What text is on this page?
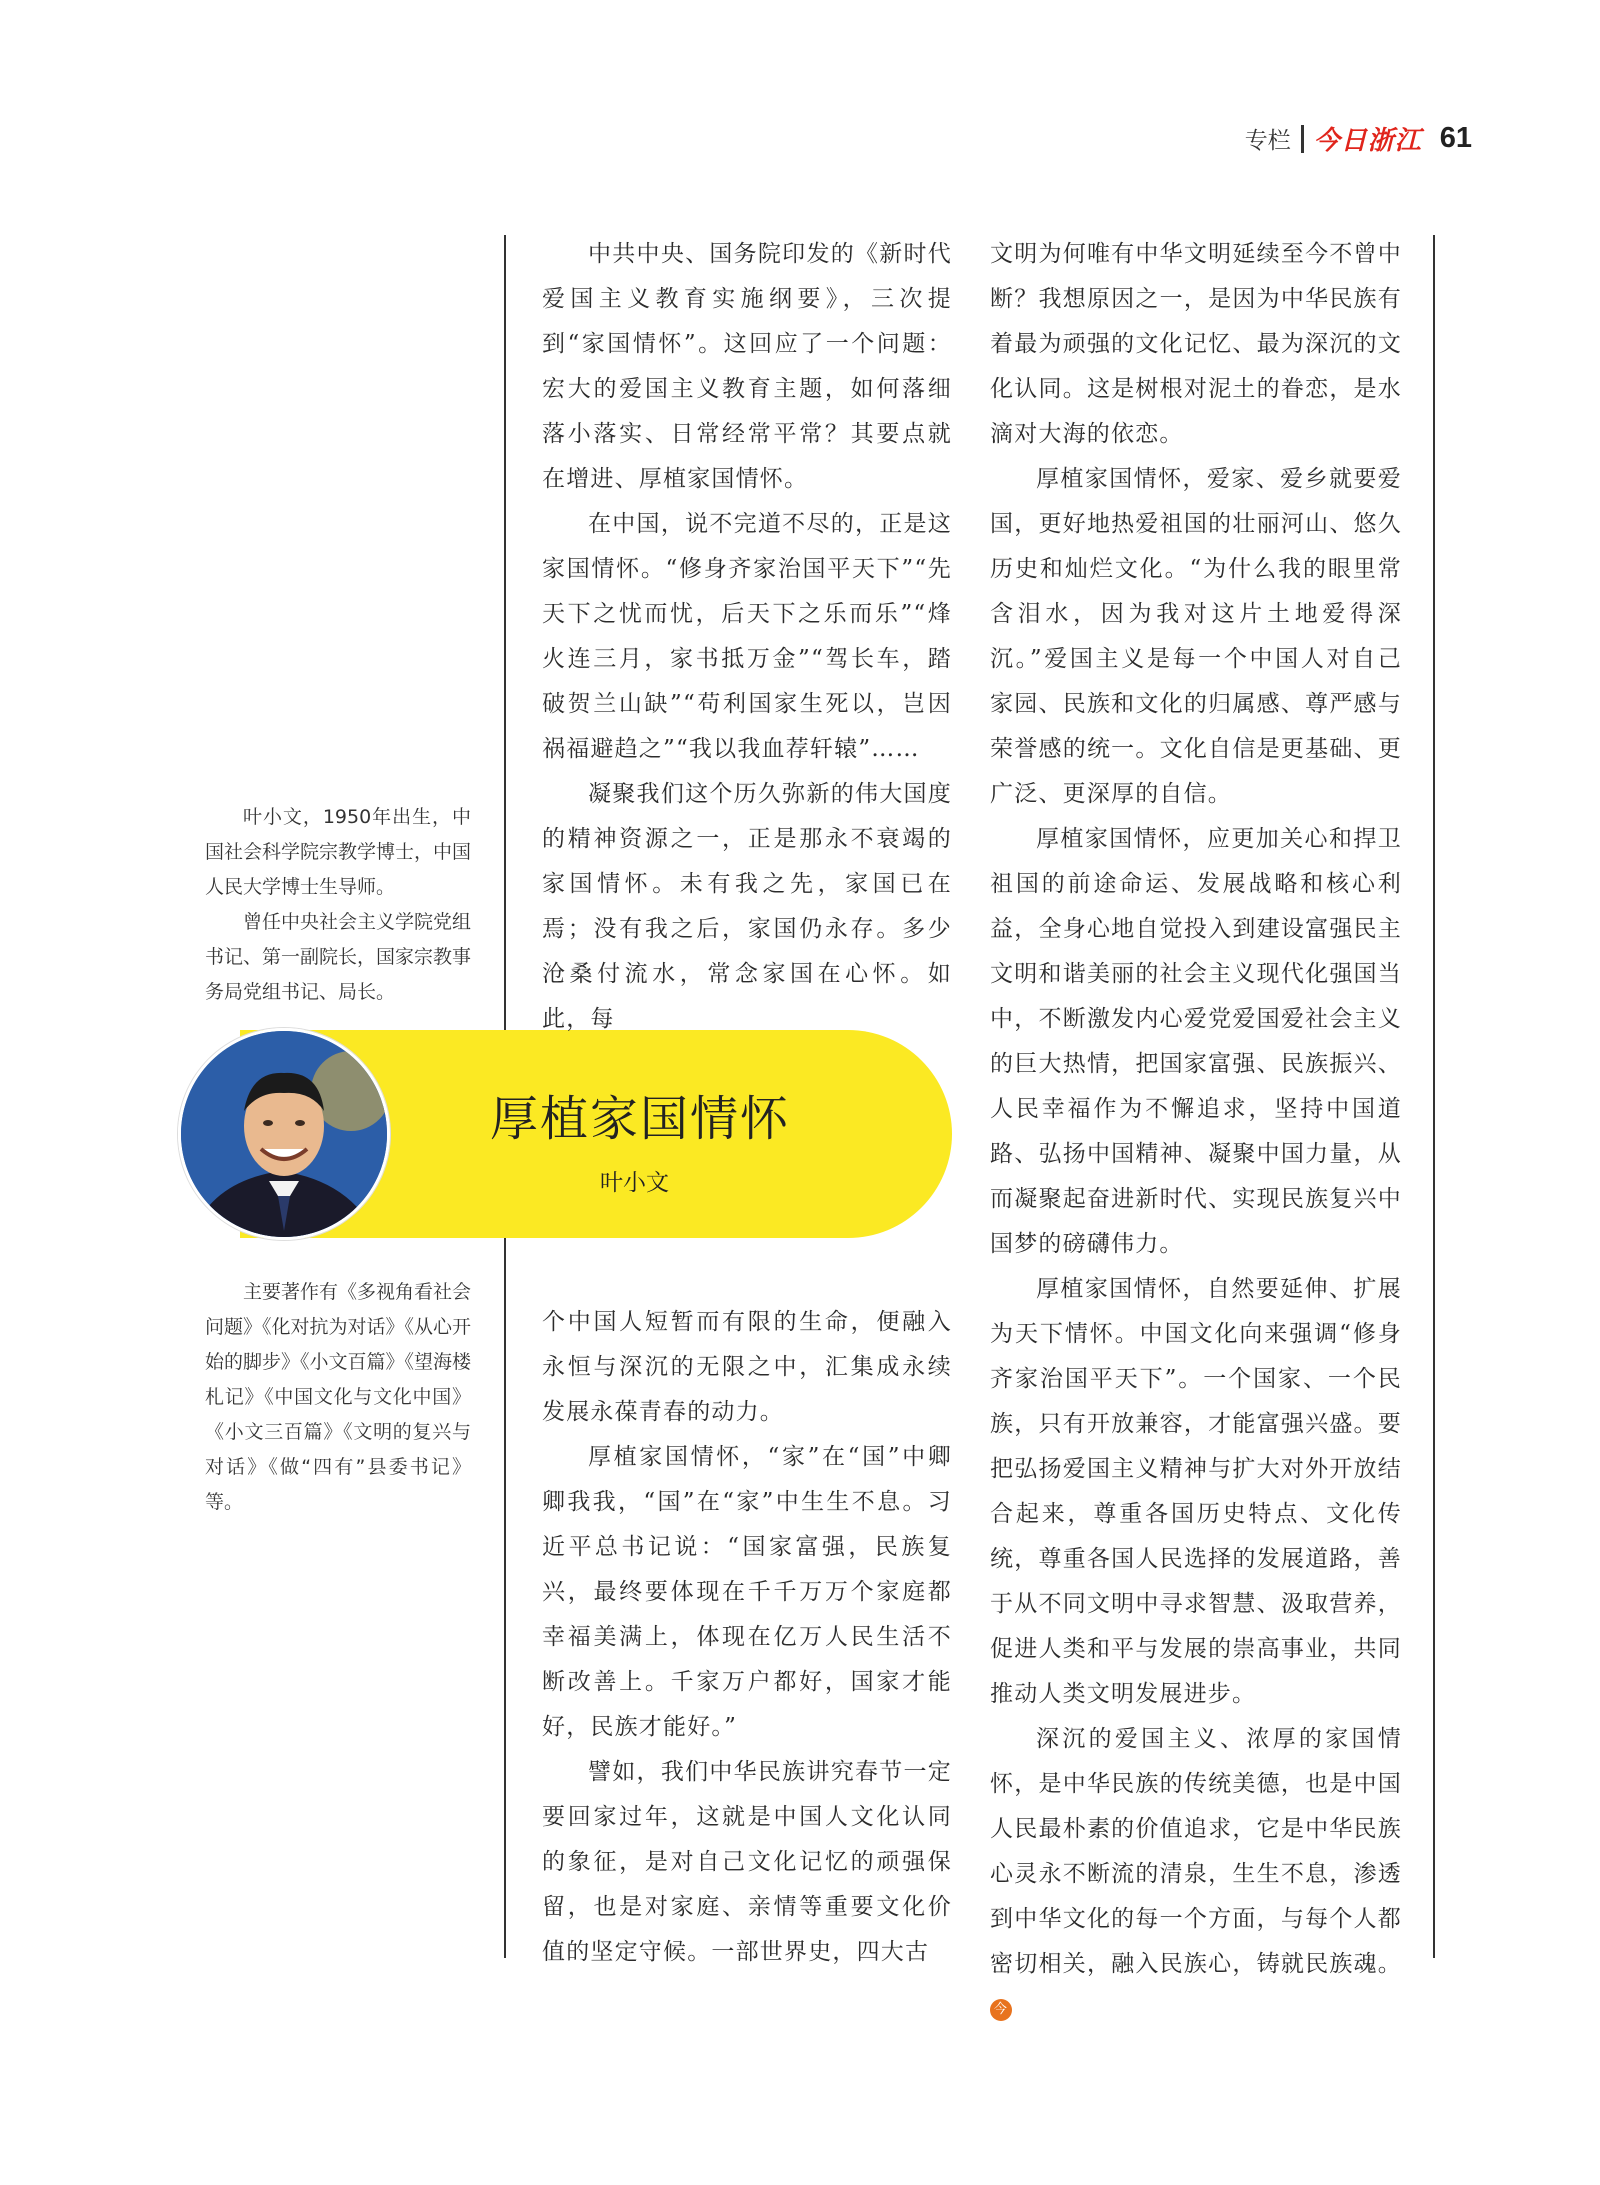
专栏 今日浙江 61

叶小文，1950年出生，中国社会科学院宗教学博士，中国人民大学博士生导师。

曾任中央社会主义学院党组书记、第一副院长，国家宗教事务局党组书记、局长。

主要著作有《多视角看社会问题》《化对抗为对话》《从心开始的脚步》《小文百篇》《望海楼札记》《中国文化与文化中国》《小文三百篇》《文明的复兴与对话》《做“四有”县委书记》等。

厚植家国情怀
叶小文

中共中央、国务院印发的《新时代爱国主义教育实施纲要》，三次提到“家国情怀”。这回应了一个问题：宏大的爱国主义教育主题，如何落细落小落实、日常经常平常？其要点就在增进、厚植家国情怀。

在中国，说不完道不尽的，正是这家国情怀。“修身齐家治国平天下”“先天下之忧而忧，后天下之乐而乐”“烽火连三月，家书抵万金”“驾长车，踏破贺兰山缺”“苟利国家生死以，岂因祸福避趋之”“我以我血荐轩辕”……

凝聚我们这个历久弥新的伟大国度的精神资源之一，正是那永不衰竭的家国情怀。未有我之先，家国已在焉；没有我之后，家国仍永存。多少沧桑付流水，常念家国在心怀。如此，每

个中国人短暂而有限的生命，便融入永恒与深沉的无限之中，汇集成永续发展永葆青春的动力。

厚植家国情怀，“家”在“国”中卿卿我我，“国”在“家”中生生不息。习近平总书记说：“国家富强，民族复兴，最终要体现在千千万万个家庭都幸福美满上，体现在亿万人民生活不断改善上。千家万户都好，国家才能好，民族才能好。”

譬如，我们中华民族讲究春节一定要回家过年，这就是中国人文化认同的象征，是对自己文化记忆的顽强保留，也是对家庭、亲情等重要文化价值的坚定守候。一部世界史，四大古

文明为何唯有中华文明延续至今不曾中断？我想原因之一，是因为中华民族有着最为顽强的文化记忆、最为深沉的文化认同。这是树根对泥土的眷恋，是水滴对大海的依恋。

厚植家国情怀，爱家、爱乡就要爱国，更好地热爱祖国的壮丽河山、悠久历史和灿烂文化。“为什么我的眼里常含泪水，因为我对这片土地爱得深沉。”爱国主义是每一个中国人对自己家园、民族和文化的归属感、尊严感与荣誉感的统一。文化自信是更基础、更广泛、更深厚的自信。

厚植家国情怀，应更加关心和捍卫祖国的前途命运、发展战略和核心利益，全身心地自觉投入到建设富强民主文明和谐美丽的社会主义现代化强国当中，不断激发内心爱党爱国爱社会主义的巨大热情，把国家富强、民族振兴、人民幸福作为不懈追求，坚持中国道路、弘扬中国精神、凝聚中国力量，从而凝聚起奋进新时代、实现民族复兴中国梦的磅礴伟力。

厚植家国情怀，自然要延伸、扩展为天下情怀。中国文化向来强调“修身齐家治国平天下”。一个国家、一个民族，只有开放兼容，才能富强兴盛。要把弘扬爱国主义精神与扩大对外开放结合起来，尊重各国历史特点、文化传统，尊重各国人民选择的发展道路，善于从不同文明中寻求智慧、汲取营养，促进人类和平与发展的崇高事业，共同推动人类文明发展进步。

深沉的爱国主义、浓厚的家国情怀，是中华民族的传统美德，也是中国人民最朴素的价值追求，它是中华民族心灵永不断流的清泉，生生不息，渗透到中华文化的每一个方面，与每个人都密切相关，融入民族心，铸就民族魂。今
